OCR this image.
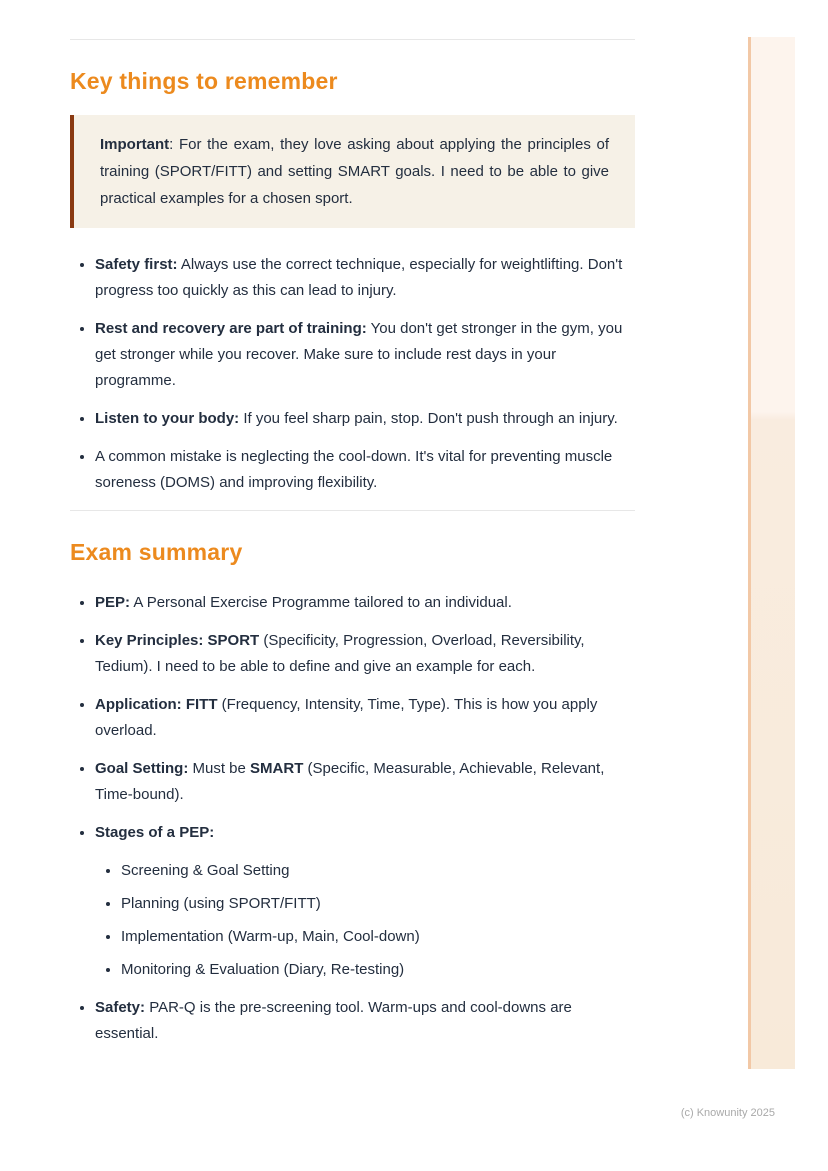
Key things to remember

Important: For the exam, they love asking about applying the principles of training (SPORT/FITT) and setting SMART goals. I need to be able to give practical examples for a chosen sport.

• Safety first: Always use the correct technique, especially for weightlifting. Don't progress too quickly as this can lead to injury.
• Rest and recovery are part of training: You don't get stronger in the gym, you get stronger while you recover. Make sure to include rest days in your programme.
• Listen to your body: If you feel sharp pain, stop. Don't push through an injury.
• A common mistake is neglecting the cool-down. It's vital for preventing muscle soreness (DOMS) and improving flexibility.
Exam summary
• PEP: A Personal Exercise Programme tailored to an individual.
• Key Principles: SPORT (Specificity, Progression, Overload, Reversibility, Tedium). I need to be able to define and give an example for each.
• Application: FITT (Frequency, Intensity, Time, Type). This is how you apply overload.
• Goal Setting: Must be SMART (Specific, Measurable, Achievable, Relevant, Time-bound).
• Stages of a PEP:
• Screening & Goal Setting
• Planning (using SPORT/FITT)
• Implementation (Warm-up, Main, Cool-down)
• Monitoring & Evaluation (Diary, Re-testing)
• Safety: PAR-Q is the pre-screening tool. Warm-ups and cool-downs are essential.
(c) Knowunity 2025
